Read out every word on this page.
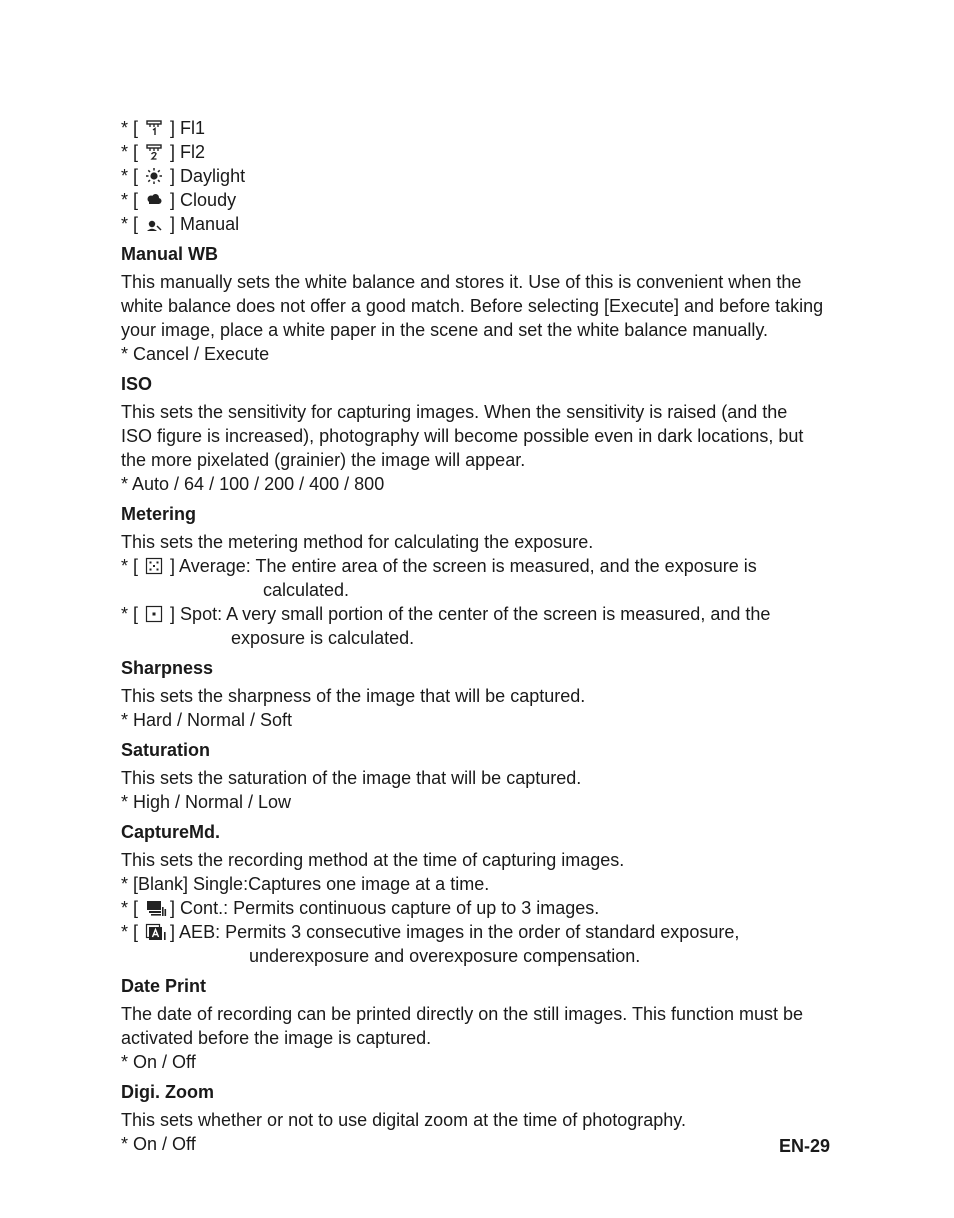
* [ ] Fl1
* [ ] Fl2
* [ ] Daylight
* [ ] Cloudy
* [ ] Manual
Manual WB
This manually sets the white balance and stores it. Use of this is convenient when the
white balance does not offer a good match. Before selecting [Execute] and before taking
your image, place a white paper in the scene and set the white balance manually.
* Cancel / Execute
ISO
This sets the sensitivity for capturing images. When the sensitivity is raised (and the
ISO figure is increased), photography will become possible even in dark locations, but
the more pixelated (grainier) the image will appear.
* Auto / 64 / 100 / 200 / 400 / 800
Metering
This sets the metering method for calculating the exposure.
* [ ] Average: The entire area of the screen is measured, and the exposure is
calculated.
* [ ] Spot: A very small portion of the center of the screen is measured, and the
exposure is calculated.
Sharpness
This sets the sharpness of the image that will be captured.
* Hard / Normal / Soft
Saturation
This sets the saturation of the image that will be captured.
* High / Normal / Low
CaptureMd.
This sets the recording method at the time of capturing images.
* [Blank] Single:Captures one image at a time.
* [ ] Cont.: Permits continuous capture of up to 3 images.
* [ ] AEB: Permits 3 consecutive images in the order of standard exposure,
underexposure and overexposure compensation.
Date Print
The date of recording can be printed directly on the still images. This function must be
activated before the image is captured.
* On / Off
Digi. Zoom
This sets whether or not to use digital zoom at the time of photography.
* On / Off	EN-29
